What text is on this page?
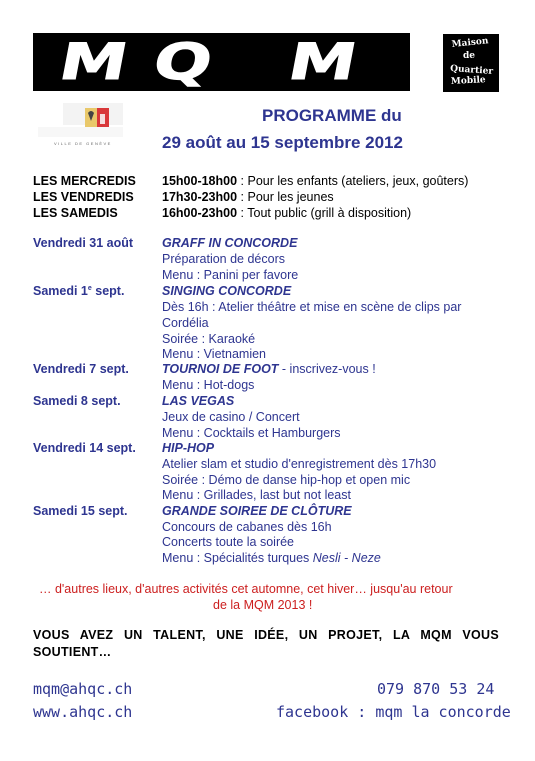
MQ M	Maison
de
Quartier
Mobile
VILLE DE GENÈVE
PROGRAMME du
29 août au 15 septembre 2012
LES MERCREDIS 15h00-18h00 : Pour les enfants (ateliers, jeux, goûters)
LES VENDREDIS 17h30-23h00 : Pour les jeunes
LES SAMEDIS	16h00-23h00 : Tout public (grill à disposition)
Vendredi 31 août GRAFF IN CONCORDE
Préparation de décors
Menu : Panini per favore
Samedi 1e sept.	SINGING CONCORDE
Dès 16h : Atelier théâtre et mise en scène de clips par
Cordélia
Soirée : Karaoké
Menu : Vietnamien
Vendredi 7 sept.	TOURNOI DE FOOT - inscrivez-vous !
Menu : Hot-dogs
Samedi 8 sept.	LAS VEGAS
Jeux de casino / Concert
Menu : Cocktails et Hamburgers
Vendredi 14 sept. HIP-HOP
Atelier slam et studio d'enregistrement dès 17h30
Soirée : Démo de danse hip-hop et open mic
Menu : Grillades, last but not least
Samedi 15 sept.	GRANDE SOIREE DE CLÔTURE
Concours de cabanes dès 16h
Concerts toute la soirée
Menu : Spécialités turques Nesli - Neze
… d'autres lieux, d'autres activités cet automne, cet hiver… jusqu'au retour
de la MQM 2013 !
VOUS AVEZ UN TALENT, UNE IDÉE, UN PROJET, LA MQM VOUS SOUTIENT…
mqm@ahqc.ch	079 870 53 24
www.ahqc.ch	facebook : mqm la concorde
